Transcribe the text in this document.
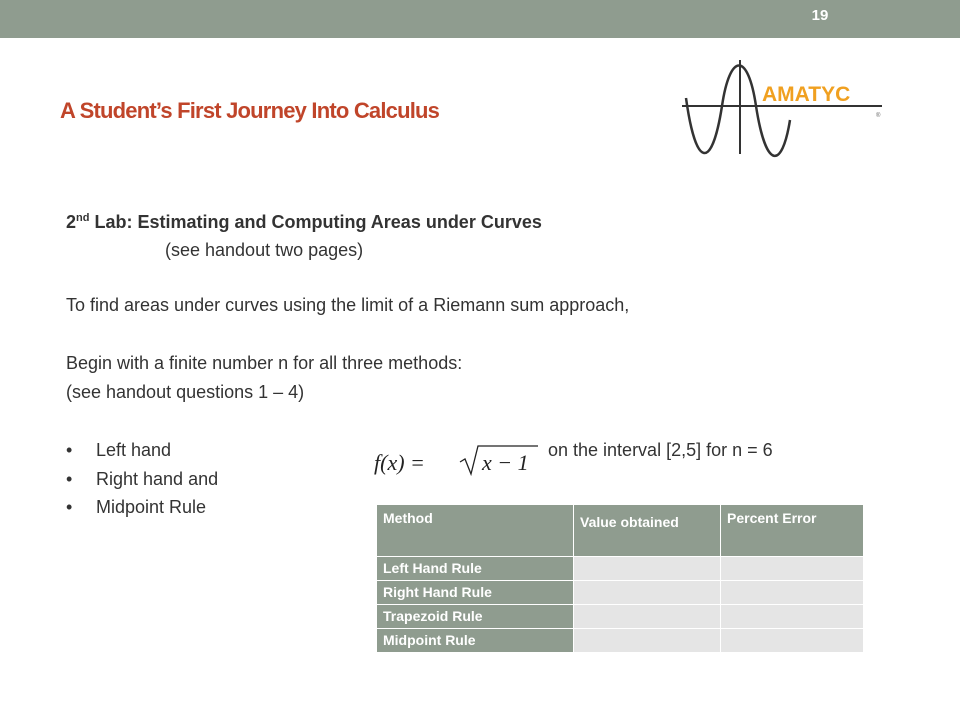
19
A Student’s First Journey Into Calculus
AMATYC
®
2nd Lab: Estimating and Computing Areas under Curves
(see handout two pages)
To find areas under curves using the limit of a Riemann sum approach,
Begin with a finite number n for all three methods:
(see handout questions 1 – 4)
• Left hand
• Right hand and
• Midpoint Rule
f(x) =	x − 1 on the interval [2,5] for n = 6
Method	Value obtained	Percent Error
Left Hand Rule		
Right Hand Rule		
Trapezoid Rule		
Midpoint Rule		
